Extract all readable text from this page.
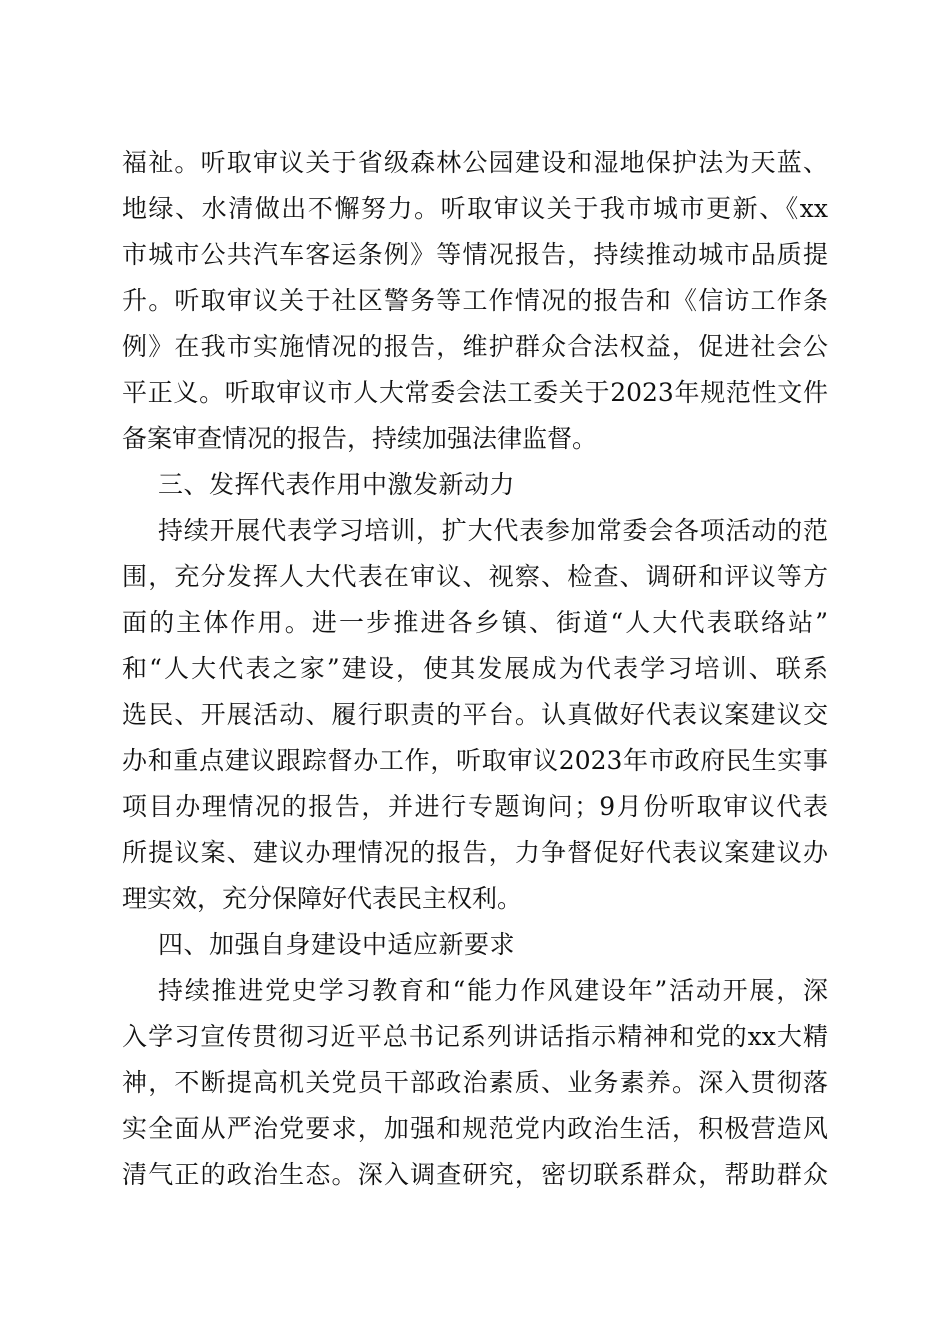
福祉。听取审议关于省级森林公园建设和湿地保护法为天蓝、
地绿、水清做出不懈努力。听取审议关于我市城市更新、《xx
市城市公共汽车客运条例》等情况报告，持续推动城市品质提
升。听取审议关于社区警务等工作情况的报告和《信访工作条
例》在我市实施情况的报告，维护群众合法权益，促进社会公
平正义。听取审议市人大常委会法工委关于2023年规范性文件
备案审查情况的报告，持续加强法律监督。
三、发挥代表作用中激发新动力
持续开展代表学习培训，扩大代表参加常委会各项活动的范
围，充分发挥人大代表在审议、视察、检查、调研和评议等方
面的主体作用。进一步推进各乡镇、街道“人大代表联络站”
和“人大代表之家”建设，使其发展成为代表学习培训、联系
选民、开展活动、履行职责的平台。认真做好代表议案建议交
办和重点建议跟踪督办工作，听取审议2023年市政府民生实事
项目办理情况的报告，并进行专题询问；9月份听取审议代表
所提议案、建议办理情况的报告，力争督促好代表议案建议办
理实效，充分保障好代表民主权利。
四、加强自身建设中适应新要求
持续推进党史学习教育和“能力作风建设年”活动开展，深
入学习宣传贯彻习近平总书记系列讲话指示精神和党的xx大精
神，不断提高机关党员干部政治素质、业务素养。深入贯彻落
实全面从严治党要求，加强和规范党内政治生活，积极营造风
清气正的政治生态。深入调查研究，密切联系群众，帮助群众
